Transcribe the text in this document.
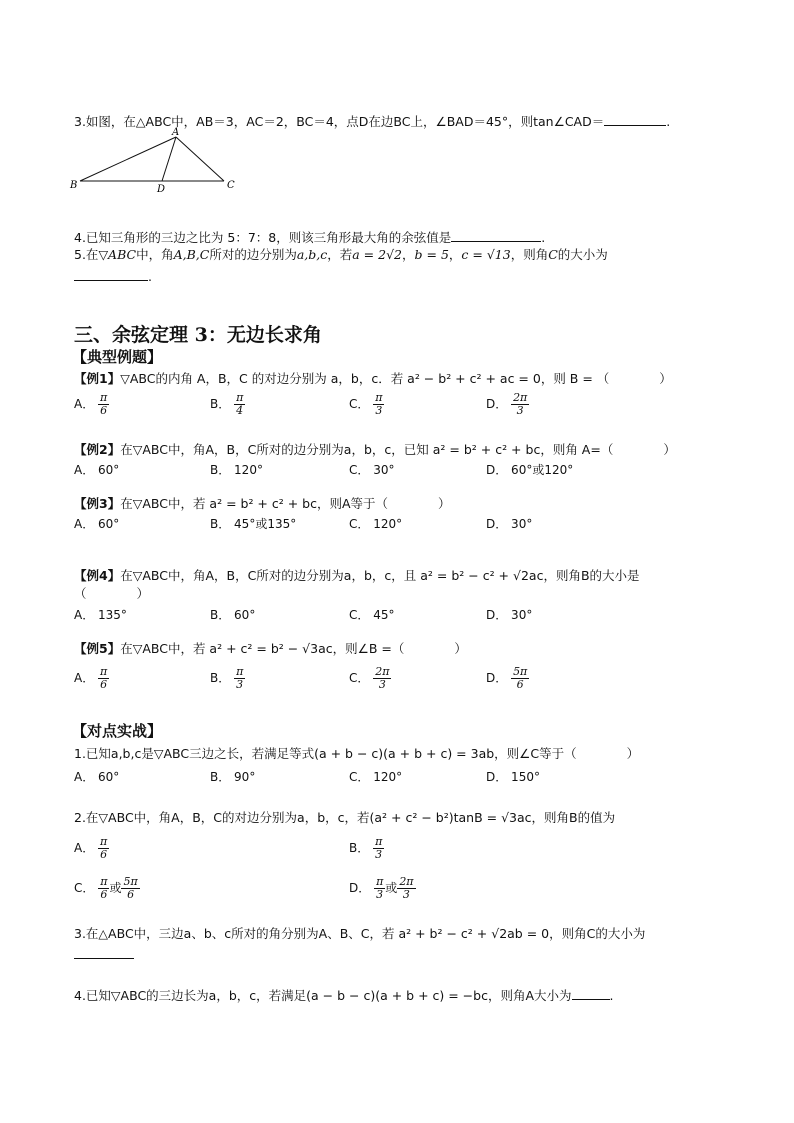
3.如图，在△ABC中，AB＝3，AC＝2，BC＝4，点D在边BC上，∠BAD＝45°，则tan∠CAD＝	.
A
B	C
D
4.已知三角形的三边之比为 5：7：8，则该三角形最大角的余弦值是	.
5.在▽ABC中，角A,B,C所对的边分别为a,b,c，若a = 2√2，b = 5，c = √13，则角C的大小为
.
三、余弦定理 3：无边长求角
【典型例题】
【例1】▽ABC的内角 A，B，C 的对边分别为 a，b，c．若 a² − b² + c² + ac = 0，则 B = （　　　　）
A． $\frac{\pi}{6}$	B． $\frac{\pi}{4}$	C． $\frac{\pi}{3}$	D． $\frac{2\pi}{3}$
【例2】在▽ABC中，角A，B，C所对的边分别为a，b，c，已知 a² = b² + c² + bc，则角 A=（　　　　）
A． 60°	B． 120°	C． 30°	D． 60°或120°
【例3】在▽ABC中，若 a² = b² + c² + bc，则A等于（　　　　）
A． 60°	B． 45°或135°	C． 120°	D． 30°
【例4】在▽ABC中，角A，B，C所对的边分别为a，b，c，且 a² = b² − c² + √2ac，则角B的大小是
（　　　　）
A． 135°	B． 60°	C． 45°	D． 30°
【例5】在▽ABC中，若 a² + c² = b² − √3ac，则∠B =（　　　　）
A． $\frac{\pi}{6}$	B． $\frac{\pi}{3}$	C． $\frac{2\pi}{3}$	D． $\frac{5\pi}{6}$
【对点实战】
1.已知a,b,c是▽ABC三边之长，若满足等式(a + b − c)(a + b + c) = 3ab，则∠C等于（　　　　）
A． 60°	B． 90°	C． 120°	D． 150°
2.在▽ABC中，角A，B，C的对边分别为a，b，c，若(a² + c² − b²)tanB = √3ac，则角B的值为
A． $\frac{\pi}{6}$	B． $\frac{\pi}{3}$
C． $\frac{\pi}{6}$ 或 $\frac{5\pi}{6}$	D． $\frac{\pi}{3}$ 或 $\frac{2\pi}{3}$
3.在△ABC中，三边a、b、c所对的角分别为A、B、C，若 a² + b² − c² + √2ab = 0，则角C的大小为
4.已知▽ABC的三边长为a，b，c，若满足(a − b − c)(a + b + c) = −bc，则角A大小为	.
